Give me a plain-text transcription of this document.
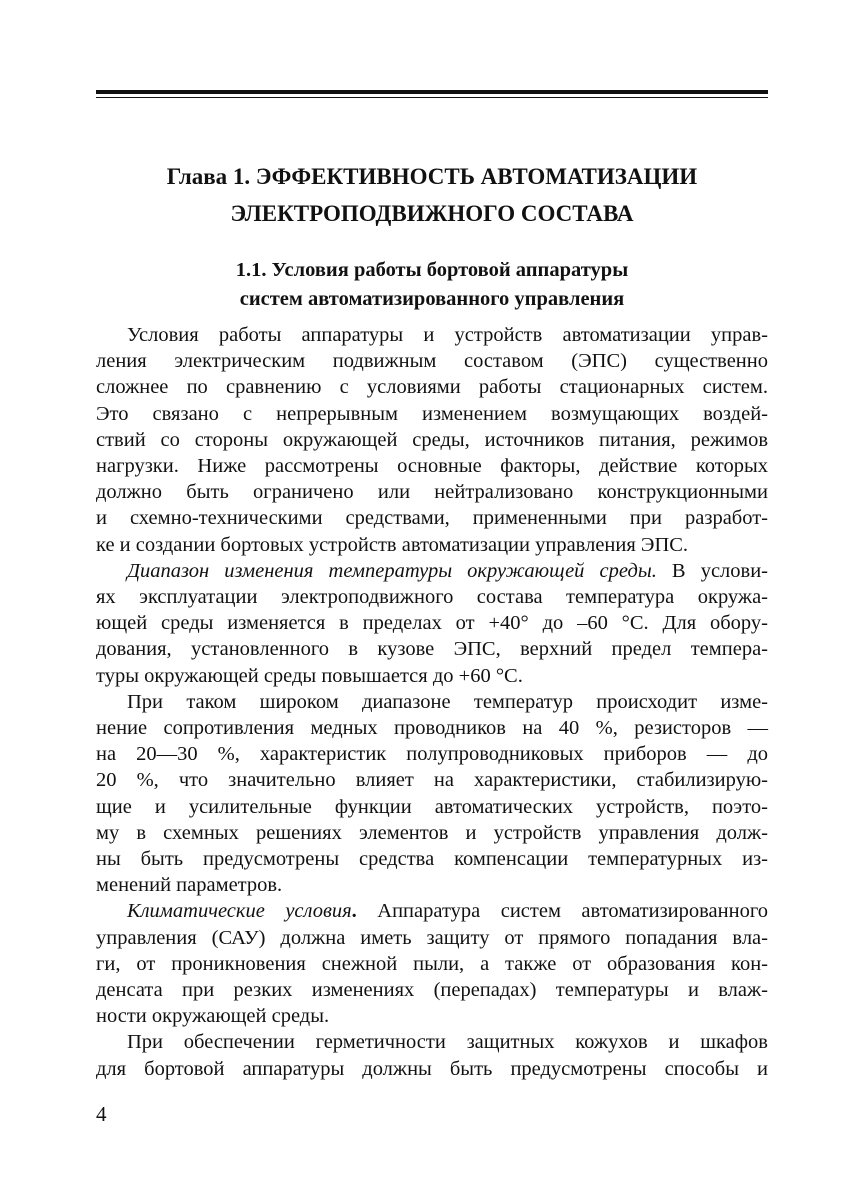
Глава 1. ЭФФЕКТИВНОСТЬ АВТОМАТИЗАЦИИ
ЭЛЕКТРОПОДВИЖНОГО СОСТАВА
1.1. Условия работы бортовой аппаратуры
систем автоматизированного управления
Условия работы аппаратуры и устройств автоматизации управ-
ления электрическим подвижным составом (ЭПС) существенно
сложнее по сравнению с условиями работы стационарных систем.
Это связано с непрерывным изменением возмущающих воздей-
ствий со стороны окружающей среды, источников питания, режимов
нагрузки. Ниже рассмотрены основные факторы, действие которых
должно быть ограничено или нейтрализовано конструкционными
и схемно-техническими средствами, примененными при разработ-
ке и создании бортовых устройств автоматизации управления ЭПС.
Диапазон изменения температуры окружающей среды. В услови-
ях эксплуатации электроподвижного состава температура окружа-
ющей среды изменяется в пределах от +40° до –60 °С. Для обору-
дования, установленного в кузове ЭПС, верхний предел темпера-
туры окружающей среды повышается до +60 °С.
При таком широком диапазоне температур происходит изме-
нение сопротивления медных проводников на 40 %, резисторов —
на 20—30 %, характеристик полупроводниковых приборов — до
20 %, что значительно влияет на характеристики, стабилизирую-
щие и усилительные функции автоматических устройств, поэто-
му в схемных решениях элементов и устройств управления долж-
ны быть предусмотрены средства компенсации температурных из-
менений параметров.
Климатические условия. Аппаратура систем автоматизированного
управления (САУ) должна иметь защиту от прямого попадания вла-
ги, от проникновения снежной пыли, а также от образования кон-
денсата при резких изменениях (перепадах) температуры и влаж-
ности окружающей среды.
При обеспечении герметичности защитных кожухов и шкафов
для бортовой аппаратуры должны быть предусмотрены способы и
4
